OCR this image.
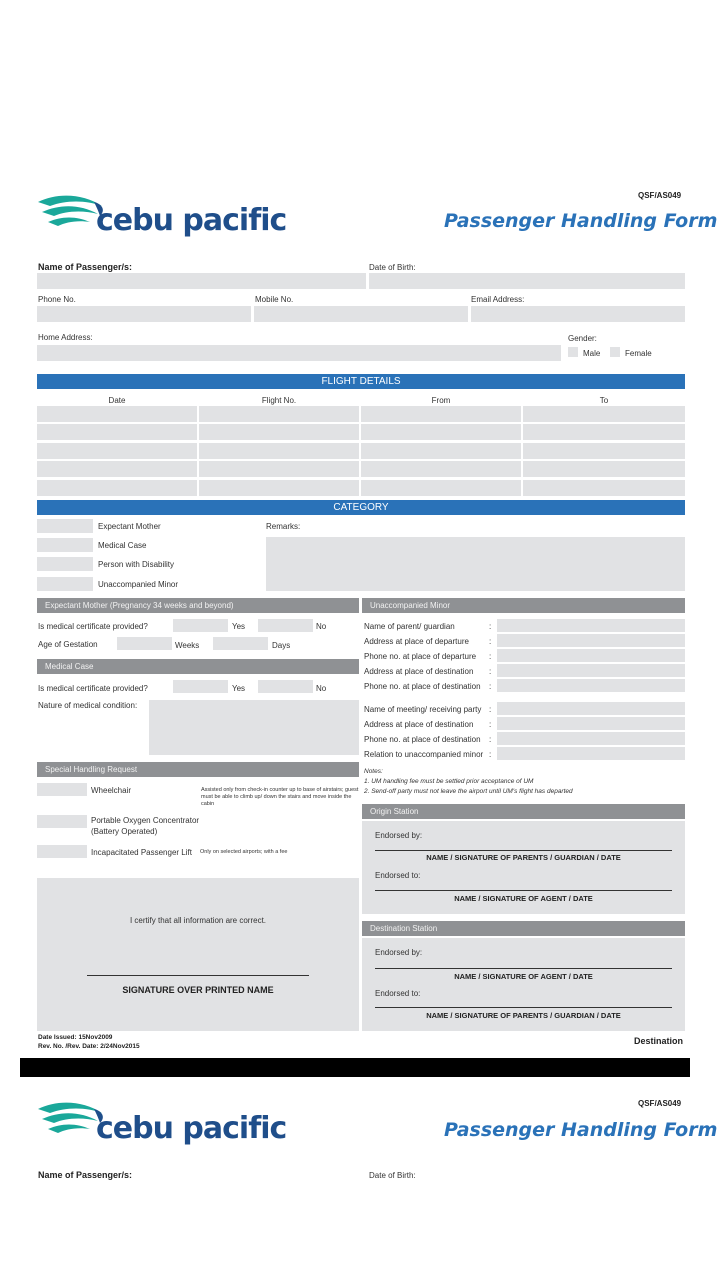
QSF/AS049
cebu pacific	Passenger Handling Form
Name of Passenger/s:	Date of Birth:
Phone No.	Mobile No.	Email Address:
Home Address:	Gender:
Male	Female
FLIGHT DETAILS
Date	Flight No.	From	To
CATEGORY
Expectant Mother
Medical Case
Person with Disability
Unaccompanied Minor
Remarks:
Expectant Mother (Pregnancy 34 weeks and beyond)
Is medical certificate provided?	Yes	No
Age of Gestation	Weeks	Days
Medical Case
Is medical certificate provided?	Yes	No
Nature of medical condition:
Unaccompanied Minor
Name of parent/ guardian	:
Address at place of departure	:
Phone no. at place of departure :
Address at place of destination :
Phone no. at place of destination :
Name of meeting/ receiving party :
Address at place of destination :
Phone no. at place of destination :
Relation to unaccompanied minor :
Notes:
1. UM handling fee must be settled prior acceptance of UM
2. Send-off party must not leave the airport until UM's flight has departed
Special Handling Request
Wheelchair	Assisted only from check-in counter up to base of airstairs; guest must be able to climb up/ down the stairs and move inside the cabin
Portable Oxygen Concentrator
(Battery Operated)
Incapacitated Passenger Lift Only on selected airports; with a fee
I certify that all information are correct.
SIGNATURE OVER PRINTED NAME
Origin Station
Endorsed by:
NAME / SIGNATURE OF PARENTS / GUARDIAN / DATE
Endorsed to:
NAME / SIGNATURE OF AGENT / DATE
Destination Station
Endorsed by:
NAME / SIGNATURE OF AGENT / DATE
Endorsed to:
NAME / SIGNATURE OF PARENTS / GUARDIAN / DATE
Date Issued: 15Nov2009
Rev. No. /Rev. Date: 2/24Nov2015
Destination
QSF/AS049
cebu pacific	Passenger Handling Form
Name of Passenger/s:	Date of Birth:
